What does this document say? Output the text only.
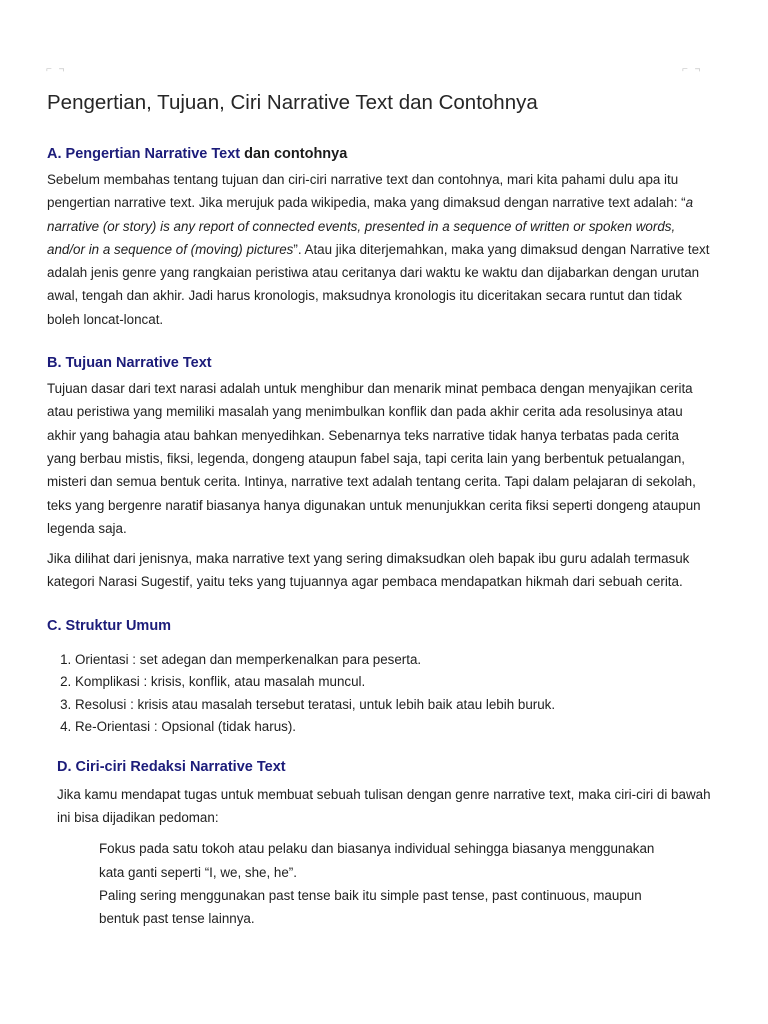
⌐ ¬	⌐ ¬
Pengertian, Tujuan, Ciri Narrative Text dan Contohnya
A. Pengertian Narrative Text dan contohnya

Sebelum membahas tentang tujuan dan ciri-ciri narrative text dan contohnya, mari kita pahami dulu apa itu pengertian narrative text. Jika merujuk pada wikipedia, maka yang dimaksud dengan narrative text adalah: “a narrative (or story) is any report of connected events, presented in a sequence of written or spoken words, and/or in a sequence of (moving) pictures”. Atau jika diterjemahkan, maka yang dimaksud dengan Narrative text adalah jenis genre yang rangkaian peristiwa atau ceritanya dari waktu ke waktu dan dijabarkan dengan urutan awal, tengah dan akhir. Jadi harus kronologis, maksudnya kronologis itu diceritakan secara runtut dan tidak boleh loncat-loncat.

B. Tujuan Narrative Text

Tujuan dasar dari text narasi adalah untuk menghibur dan menarik minat pembaca dengan menyajikan cerita atau peristiwa yang memiliki masalah yang menimbulkan konflik dan pada akhir cerita ada resolusinya atau akhir yang bahagia atau bahkan menyedihkan. Sebenarnya teks narrative tidak hanya terbatas pada cerita yang berbau mistis, fiksi, legenda, dongeng ataupun fabel saja, tapi cerita lain yang berbentuk petualangan, misteri dan semua bentuk cerita. Intinya, narrative text adalah tentang cerita. Tapi dalam pelajaran di sekolah, teks yang bergenre naratif biasanya hanya digunakan untuk menunjukkan cerita fiksi seperti dongeng ataupun legenda saja.

Jika dilihat dari jenisnya, maka narrative text yang sering dimaksudkan oleh bapak ibu guru adalah termasuk kategori Narasi Sugestif, yaitu teks yang tujuannya agar pembaca mendapatkan hikmah dari sebuah cerita.

C. Struktur Umum
1. Orientasi : set adegan dan memperkenalkan para peserta.
2. Komplikasi : krisis, konflik, atau masalah muncul.
3. Resolusi : krisis atau masalah tersebut teratasi, untuk lebih baik atau lebih buruk.
4. Re-Orientasi : Opsional (tidak harus).
D. Ciri-ciri Redaksi Narrative Text

Jika kamu mendapat tugas untuk membuat sebuah tulisan dengan genre narrative text, maka ciri-ciri di bawah ini bisa dijadikan pedoman:

Fokus pada satu tokoh atau pelaku dan biasanya individual sehingga biasanya menggunakan kata ganti seperti “I, we, she, he”.
Paling sering menggunakan past tense baik itu simple past tense, past continuous, maupun bentuk past tense lainnya.
